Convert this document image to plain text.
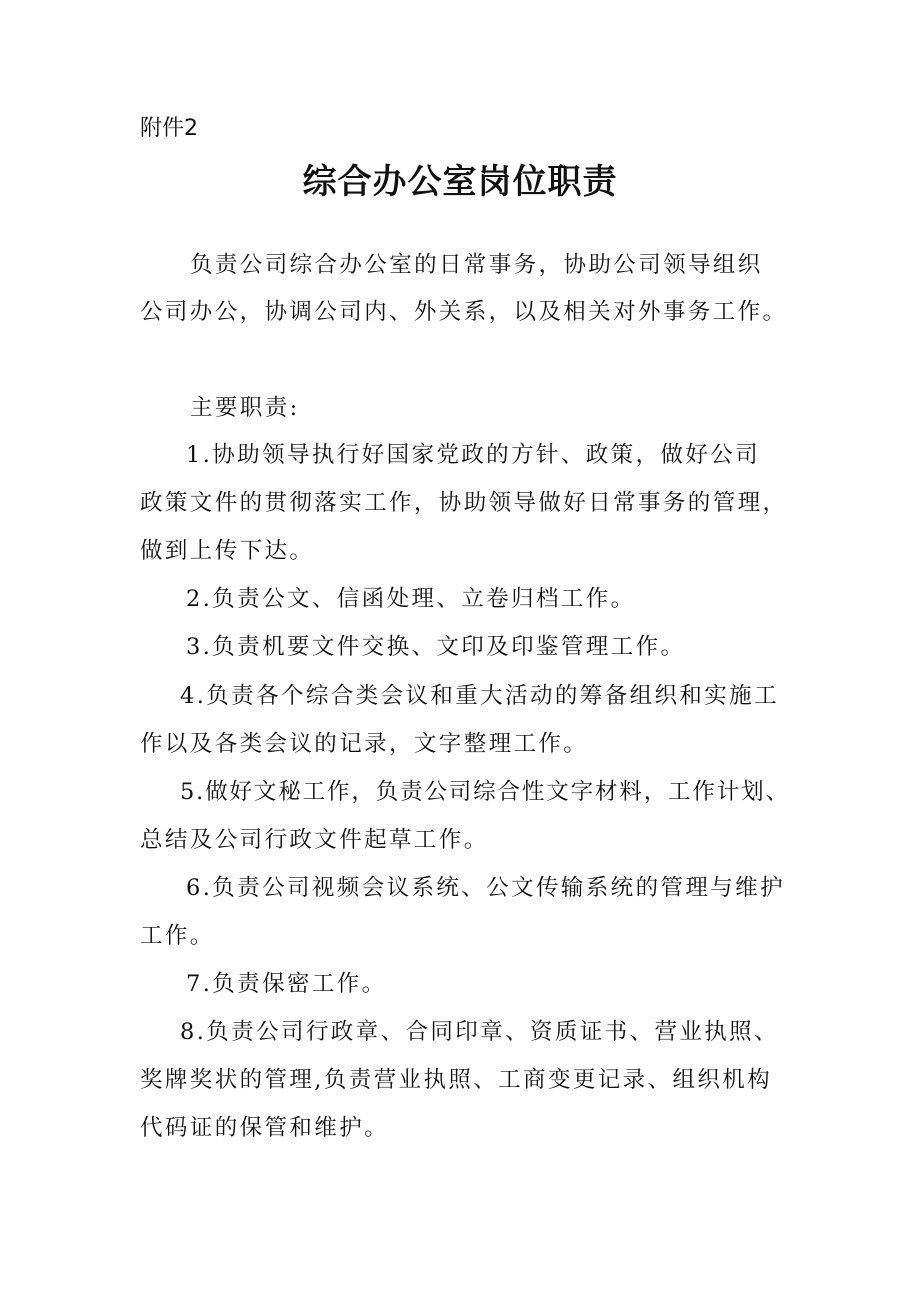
附件2
综合办公室岗位职责
负责公司综合办公室的日常事务，协助公司领导组织
公司办公，协调公司内、外关系，以及相关对外事务工作。
主要职责:
1.协助领导执行好国家党政的方针、政策，做好公司
政策文件的贯彻落实工作，协助领导做好日常事务的管理，
做到上传下达。
2.负责公文、信函处理、立卷归档工作。
3.负责机要文件交换、文印及印鉴管理工作。
4.负责各个综合类会议和重大活动的筹备组织和实施工
作以及各类会议的记录，文字整理工作。
5.做好文秘工作，负责公司综合性文字材料，工作计划、
总结及公司行政文件起草工作。
6.负责公司视频会议系统、公文传输系统的管理与维护
工作。
7.负责保密工作。
8.负责公司行政章、合同印章、资质证书、营业执照、
奖牌奖状的管理,负责营业执照、工商变更记录、组织机构
代码证的保管和维护。
